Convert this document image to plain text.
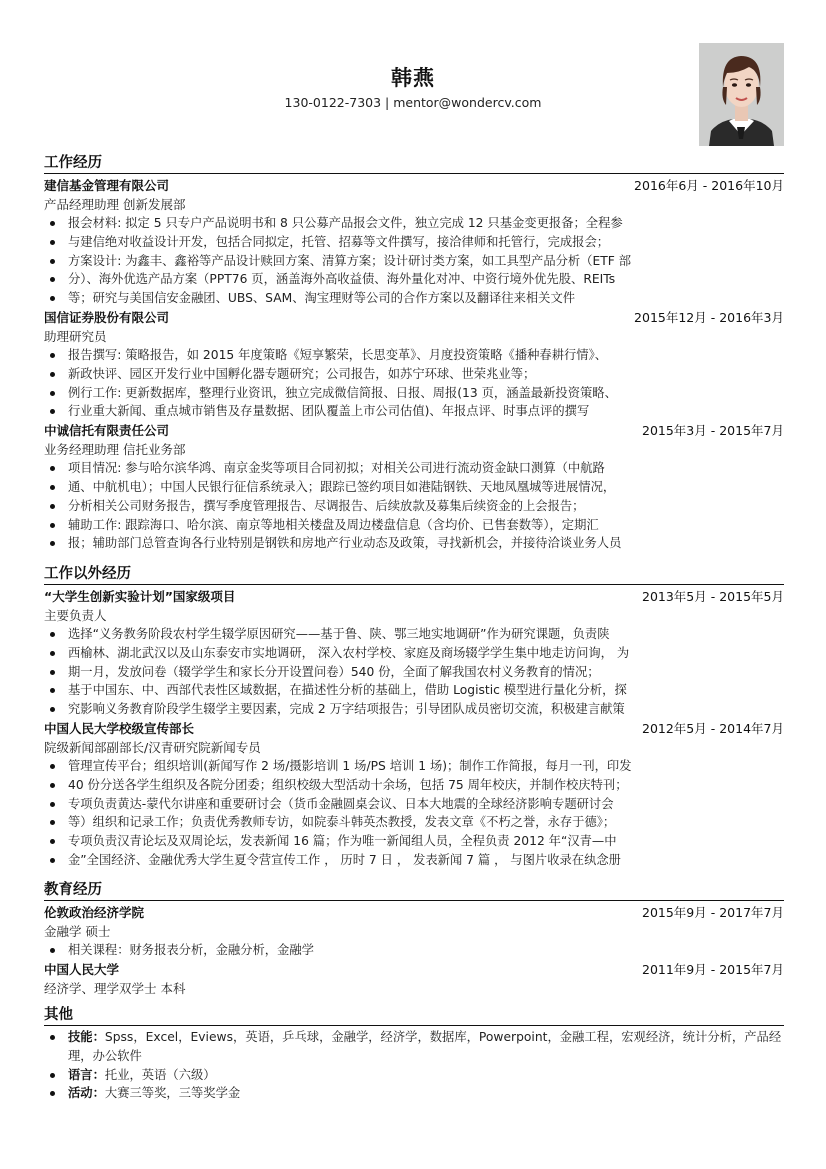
韩燕
130-0122-7303 | mentor@wondercv.com
工作经历
建信基金管理有限公司	2016年6月 - 2016年10月
产品经理助理 创新发展部
报会材料: 拟定 5 只专户产品说明书和 8 只公募产品报会文件，独立完成 12 只基金变更报备；全程参
与建信绝对收益设计开发，包括合同拟定，托管、招募等文件撰写，接洽律师和托管行，完成报会；
方案设计: 为鑫丰、鑫裕等产品设计赎回方案、清算方案；设计研讨类方案，如工具型产品分析（ETF 部
分）、海外优选产品方案（PPT76 页，涵盖海外高收益债、海外量化对冲、中资行境外优先股、REITs
等；研究与美国信安金融团、UBS、SAM、淘宝理财等公司的合作方案以及翻译往来相关文件
国信证券股份有限公司	2015年12月 - 2016年3月
助理研究员
报告撰写: 策略报告，如 2015 年度策略《短享繁荣，长思变革》、月度投资策略《播种春耕行情》、
新政快评、园区开发行业中国孵化器专题研究；公司报告，如苏宁环球、世荣兆业等；
例行工作: 更新数据库，整理行业资讯，独立完成微信简报、日报、周报(13 页，涵盖最新投资策略、
行业重大新闻、重点城市销售及存量数据、团队覆盖上市公司估值)、年报点评、时事点评的撰写
中诚信托有限责任公司	2015年3月 - 2015年7月
业务经理助理 信托业务部
项目情况: 参与哈尔滨华鸿、南京金奖等项目合同初拟；对相关公司进行流动资金缺口测算（中航路
通、中航机电）；中国人民银行征信系统录入；跟踪已签约项目如港陆钢铁、天地凤凰城等进展情况，
分析相关公司财务报告，撰写季度管理报告、尽调报告、后续放款及募集后续资金的上会报告；
辅助工作: 跟踪海口、哈尔滨、南京等地相关楼盘及周边楼盘信息（含均价、已售套数等），定期汇
报；辅助部门总管查询各行业特别是钢铁和房地产行业动态及政策，寻找新机会，并接待洽谈业务人员
工作以外经历
“大学生创新实验计划”国家级项目	2013年5月 - 2015年5月
主要负责人
选择“义务教务阶段农村学生辍学原因研究——基于鲁、陕、鄂三地实地调研”作为研究课题，负责陕
西榆林、湖北武汉以及山东泰安市实地调研， 深入农村学校、家庭及商场辍学学生集中地走访问询， 为
期一月，发放问卷（辍学学生和家长分开设置问卷）540 份，全面了解我国农村义务教育的情况；
基于中国东、中、西部代表性区域数据，在描述性分析的基础上，借助 Logistic 模型进行量化分析，探
究影响义务教育阶段学生辍学主要因素，完成 2 万字结项报告；引导团队成员密切交流，积极建言献策
中国人民大学校级宣传部长	2012年5月 - 2014年7月
院级新闻部副部长/汉青研究院新闻专员
管理宣传平台；组织培训(新闻写作 2 场/摄影培训 1 场/PS 培训 1 场)；制作工作简报，每月一刊，印发
40 份分送各学生组织及各院分团委；组织校级大型活动十余场，包括 75 周年校庆，并制作校庆特刊；
专项负责黄达-蒙代尔讲座和重要研讨会（货币金融圆桌会议、日本大地震的全球经济影响专题研讨会
等）组织和记录工作；负责优秀教师专访，如院泰斗韩英杰教授，发表文章《不朽之誉，永存于德》；
专项负责汉青论坛及双周论坛，发表新闻 16 篇；作为唯一新闻组人员，全程负责 2012 年“汉青—中
金”全国经济、金融优秀大学生夏令营宣传工作 ， 历时 7 日 ， 发表新闻 7 篇 ， 与图片收录在纨念册
教育经历
伦敦政治经济学院	2015年9月 - 2017年7月
金融学 硕士
相关课程：财务报表分析，金融分析，金融学
中国人民大学	2011年9月 - 2015年7月
经济学、理学双学士 本科
其他
技能：Spss，Excel，Eviews，英语，乒乓球，金融学，经济学，数据库，Powerpoint，金融工程，宏观经济，统计分析，产品经理，办公软件
语言：托业，英语（六级）
活动：大赛三等奖，三等奖学金
